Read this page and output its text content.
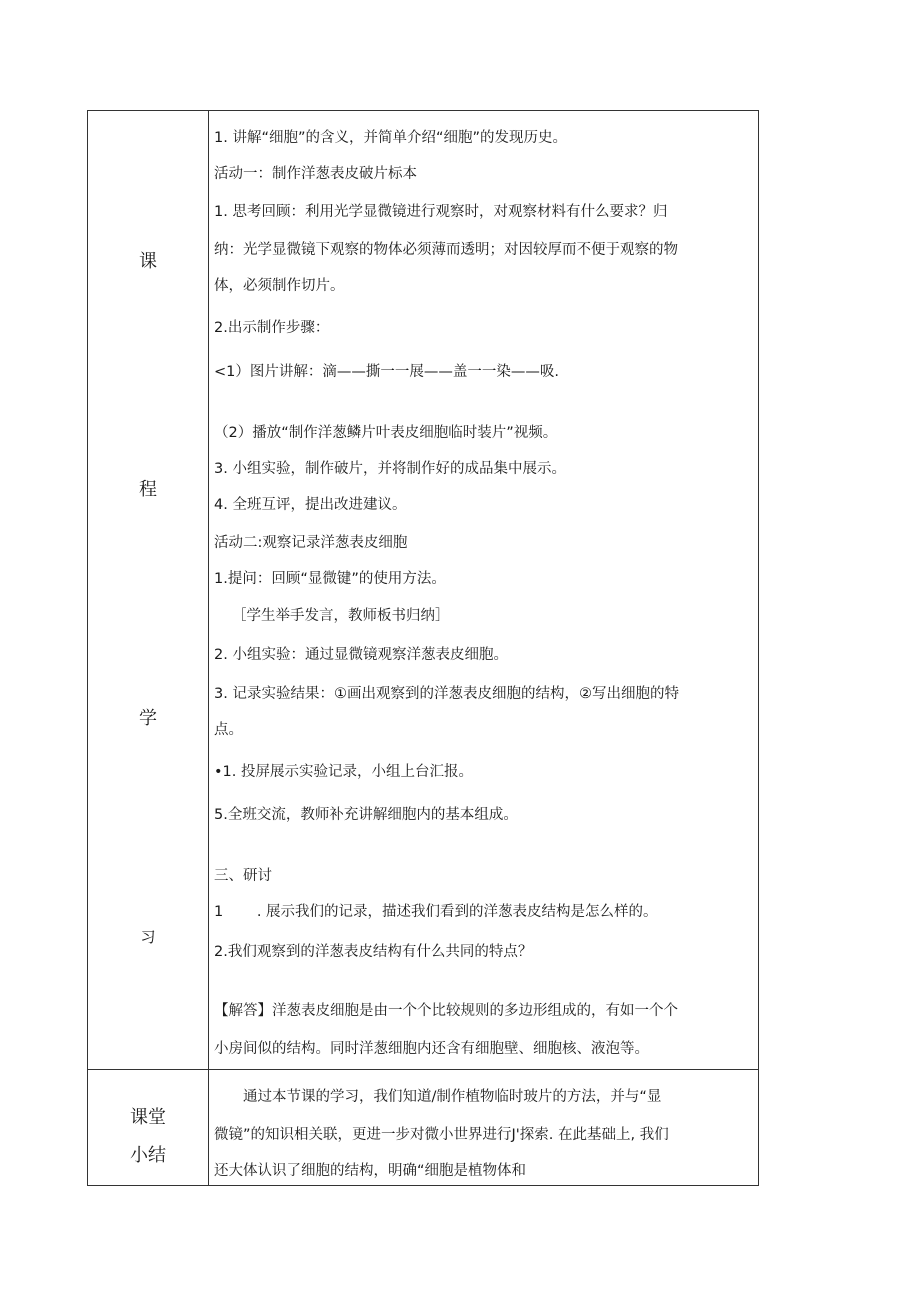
课
程
学
习
1. 讲解“细胞”的含义，并简单介绍“细胞”的发现历史。
活动一：制作洋葱表皮破片标本
1. 思考回顾：利用光学显微镜进行观察时，对观察材料有什么要求？归
纳：光学显微镜下观察的物体必须薄而透明；对因较厚而不便于观察的物
体，必须制作切片。
2.出示制作步骤：
<1）图片讲解：滴——撕一一展——盖一一染——吸.
（2）播放“制作洋葱鳞片叶表皮细胞临时装片”视频。
3. 小组实验，制作破片，并将制作好的成品集中展示。
4. 全班互评，提出改进建议。
活动二:观察记录洋葱表皮细胞
1.提问：回顾“显微键”的使用方法。
［学生举手发言，教师板书归纳］
2. 小组实验：通过显微镜观察洋葱表皮细胞。
3. 记录实验结果：①画出观察到的洋葱表皮细胞的结构，②写出细胞的特
点。
•1. 投屏展示实验记录，小组上台汇报。
5.全班交流，教师补充讲解细胞内的基本组成。
三、研讨
1　　 . 展示我们的记录，描述我们看到的洋葱表皮结构是怎么样的。
2.我们观察到的洋葱表皮结构有什么共同的特点？
【解答】洋葱表皮细胞是由一个个比较规则的多边形组成的，有如一个个
小房间似的结构。同时洋葱细胞内还含有细胞壁、细胞核、液泡等。
课堂
小结
　　通过本节课的学习，我们知道/制作植物临时玻片的方法，并与“显
微镜”的知识相关联，更进一步对微小世界进行J'探索. 在此基础上, 我们
还大体认识了细胞的结构，明确“细胞是植物体和
